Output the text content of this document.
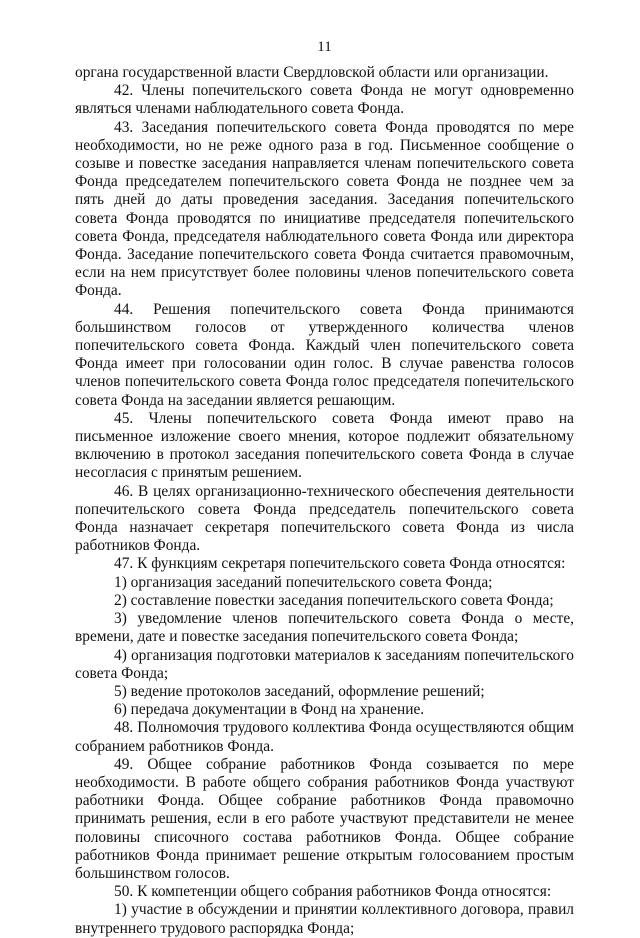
11

органа государственной власти Свердловской области или организации.

42. Члены попечительского совета Фонда не могут одновременно являться членами наблюдательного совета Фонда.

43. Заседания попечительского совета Фонда проводятся по мере необходимости, но не реже одного раза в год. Письменное сообщение о созыве и повестке заседания направляется членам попечительского совета Фонда председателем попечительского совета Фонда не позднее чем за пять дней до даты проведения заседания. Заседания попечительского совета Фонда проводятся по инициативе председателя попечительского совета Фонда, председателя наблюдательного совета Фонда или директора Фонда. Заседание попечительского совета Фонда считается правомочным, если на нем присутствует более половины членов попечительского совета Фонда.

44. Решения попечительского совета Фонда принимаются большинством голосов от утвержденного количества членов попечительского совета Фонда. Каждый член попечительского совета Фонда имеет при голосовании один голос. В случае равенства голосов членов попечительского совета Фонда голос председателя попечительского совета Фонда на заседании является решающим.

45. Члены попечительского совета Фонда имеют право на письменное изложение своего мнения, которое подлежит обязательному включению в протокол заседания попечительского совета Фонда в случае несогласия с принятым решением.

46. В целях организационно-технического обеспечения деятельности попечительского совета Фонда председатель попечительского совета Фонда назначает секретаря попечительского совета Фонда из числа работников Фонда.

47. К функциям секретаря попечительского совета Фонда относятся:

1) организация заседаний попечительского совета Фонда;

2) составление повестки заседания попечительского совета Фонда;

3) уведомление членов попечительского совета Фонда о месте, времени, дате и повестке заседания попечительского совета Фонда;

4) организация подготовки материалов к заседаниям попечительского совета Фонда;

5) ведение протоколов заседаний, оформление решений;

6) передача документации в Фонд на хранение.

48. Полномочия трудового коллектива Фонда осуществляются общим собранием работников Фонда.

49. Общее собрание работников Фонда созывается по мере необходимости. В работе общего собрания работников Фонда участвуют работники Фонда. Общее собрание работников Фонда правомочно принимать решения, если в его работе участвуют представители не менее половины списочного состава работников Фонда. Общее собрание работников Фонда принимает решение открытым голосованием простым большинством голосов.

50. К компетенции общего собрания работников Фонда относятся:

1) участие в обсуждении и принятии коллективного договора, правил внутреннего трудового распорядка Фонда;
